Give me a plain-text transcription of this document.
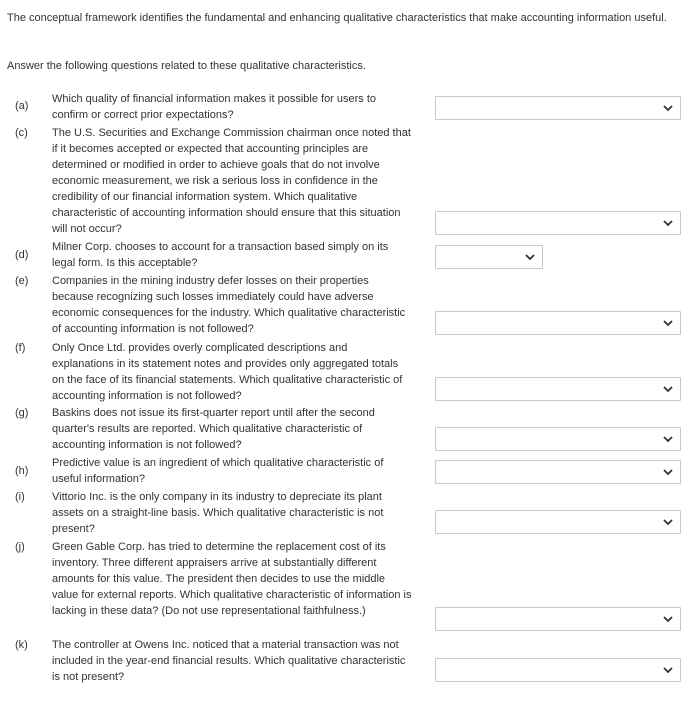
The conceptual framework identifies the fundamental and enhancing qualitative characteristics that make accounting information useful.
Answer the following questions related to these qualitative characteristics.
(a)
Which quality of financial information makes it possible for users to confirm or correct prior expectations?
(c)	The U.S. Securities and Exchange Commission chairman once noted that if it becomes accepted or expected that accounting principles are determined or modified in order to achieve goals that do not involve economic measurement, we risk a serious loss in confidence in the credibility of our financial information system. Which qualitative characteristic of accounting information should ensure that this situation will not occur?
(d)
Milner Corp. chooses to account for a transaction based simply on its legal form. Is this acceptable?
(e)	Companies in the mining industry defer losses on their properties because recognizing such losses immediately could have adverse economic consequences for the industry. Which qualitative characteristic of accounting information is not followed?
(f)	Only Once Ltd. provides overly complicated descriptions and explanations in its statement notes and provides only aggregated totals on the face of its financial statements. Which qualitative characteristic of accounting information is not followed?
(g)	Baskins does not issue its first-quarter report until after the second quarter's results are reported. Which qualitative characteristic of accounting information is not followed?
(h)
Predictive value is an ingredient of which qualitative characteristic of useful information?
(i)	Vittorio Inc. is the only company in its industry to depreciate its plant assets on a straight-line basis. Which qualitative characteristic is not present?
(j)	Green Gable Corp. has tried to determine the replacement cost of its inventory. Three different appraisers arrive at substantially different amounts for this value. The president then decides to use the middle value for external reports. Which qualitative characteristic of information is lacking in these data? (Do not use representational faithfulness.)
(k)	The controller at Owens Inc. noticed that a material transaction was not included in the year-end financial results. Which qualitative characteristic is not present?
